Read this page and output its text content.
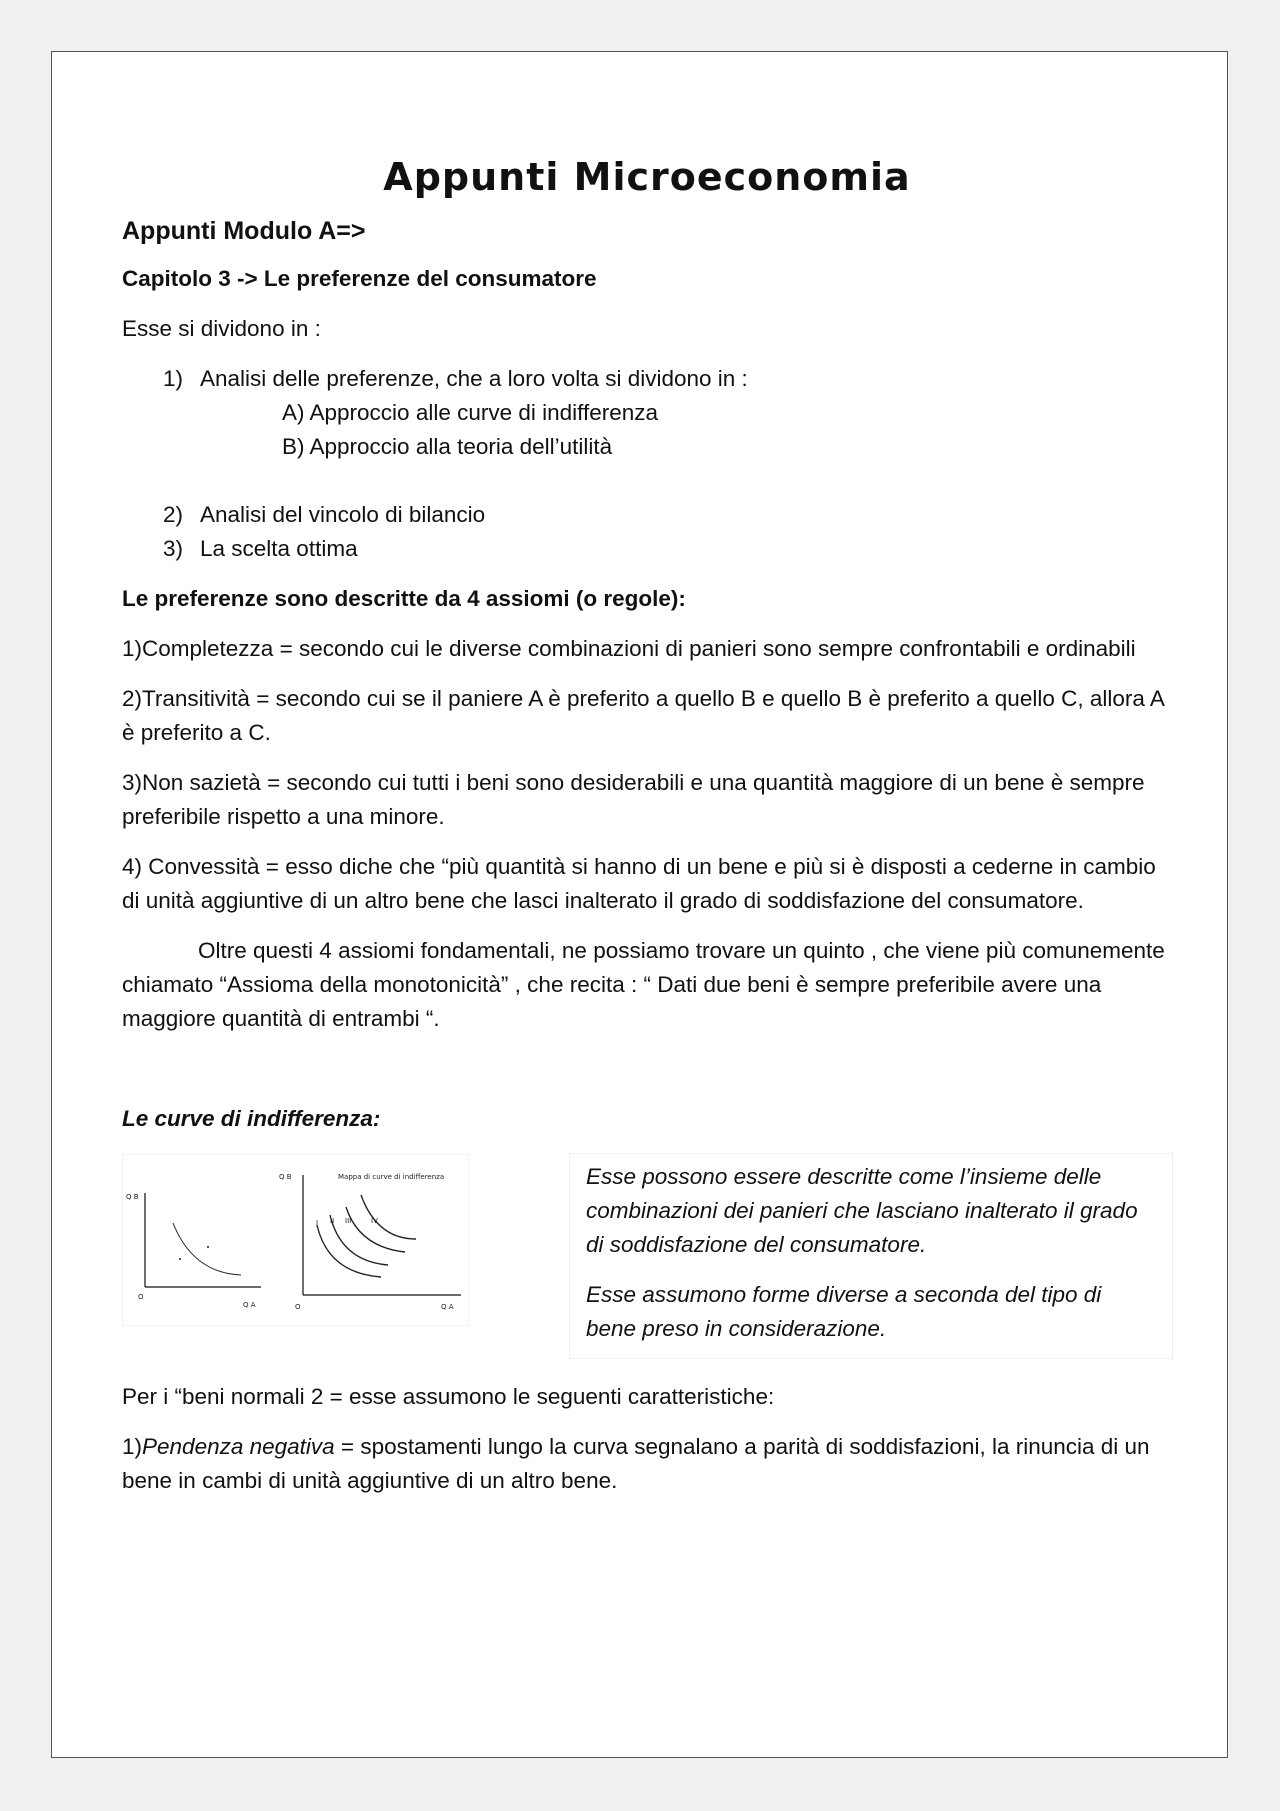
Appunti Microeconomia
Appunti Modulo A=>
Capitolo 3 -> Le preferenze del consumatore

Esse si dividono in :

1) Analisi delle preferenze, che a loro volta si dividono in :
A) Approccio alle curve di indifferenza
B) Approccio alla teoria dell’utilità
2) Analisi del vincolo di bilancio
3) La scelta ottima

Le preferenze sono descritte da 4 assiomi (o regole):

1)Completezza = secondo cui le diverse combinazioni di panieri sono sempre confrontabili e ordinabili

2)Transitività = secondo cui se il paniere A è preferito a quello B e quello B è preferito a quello C, allora A è preferito a C.

3)Non sazietà = secondo cui tutti i beni sono desiderabili e una quantità maggiore di un bene è sempre preferibile rispetto a una minore.

4) Convessità = esso diche che “più quantità si hanno di un bene e più si è disposti a cederne in cambio di unità aggiuntive di un altro bene che lasci inalterato il grado di soddisfazione del consumatore.

Oltre questi 4 assiomi fondamentali, ne possiamo trovare un quinto , che viene più comunemente chiamato “Assioma della monotonicità” , che recita : “ Dati due beni è sempre preferibile avere una maggiore quantità di entrambi “.

Le curve di indifferenza:

Q B
O
Q A
I II III	IV
Q B	Mappa di curve di indifferenza
O	Q A

Esse possono essere descritte come l’insieme delle combinazioni dei panieri che lasciano inalterato il grado di soddisfazione del consumatore.

Esse assumono forme diverse a seconda del tipo di bene preso in considerazione.

Per i “beni normali 2 = esse assumono le seguenti caratteristiche:

1)Pendenza negativa = spostamenti lungo la curva segnalano a parità di soddisfazioni, la rinuncia di un bene in cambi di unità aggiuntive di un altro bene.
